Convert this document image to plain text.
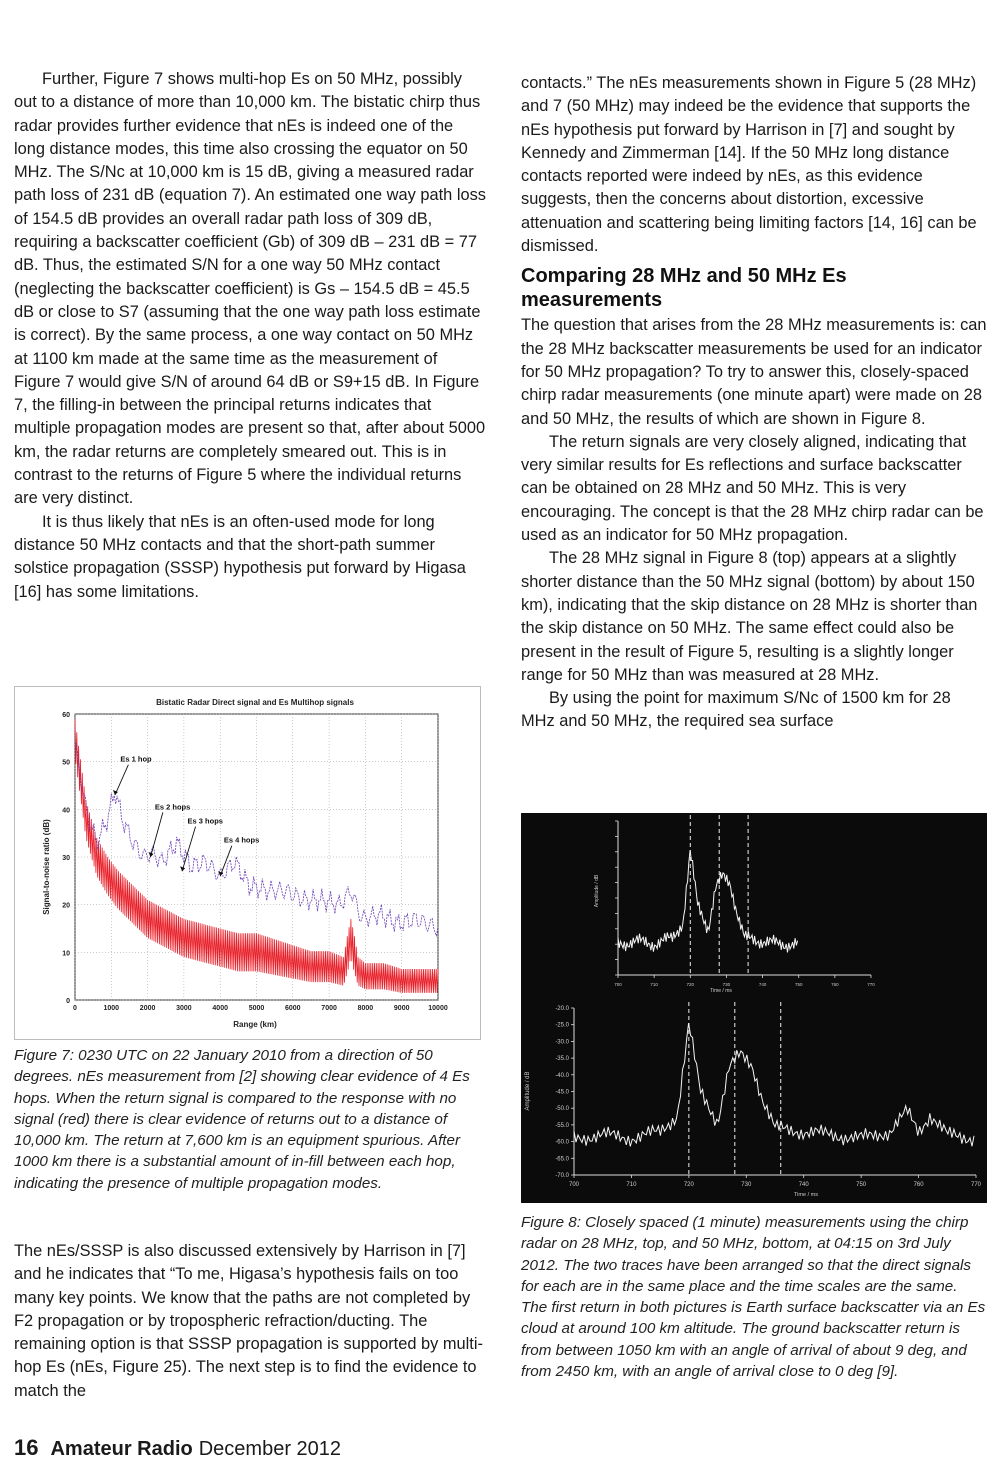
Further, Figure 7 shows multi-hop Es on 50 MHz, possibly out to a distance of more than 10,000 km. The bistatic chirp thus radar provides further evidence that nEs is indeed one of the long distance modes, this time also crossing the equator on 50 MHz. The S/Nc at 10,000 km is 15 dB, giving a measured radar path loss of 231 dB (equation 7). An estimated one way path loss of 154.5 dB provides an overall radar path loss of 309 dB, requiring a backscatter coefficient (Gb) of 309 dB – 231 dB = 77 dB. Thus, the estimated S/N for a one way 50 MHz contact (neglecting the backscatter coefficient) is Gs – 154.5 dB = 45.5 dB or close to S7 (assuming that the one way path loss estimate is correct). By the same process, a one way contact on 50 MHz at 1100 km made at the same time as the measurement of Figure 7 would give S/N of around 64 dB or S9+15 dB. In Figure 7, the filling-in between the principal returns indicates that multiple propagation modes are present so that, after about 5000 km, the radar returns are completely smeared out. This is in contrast to the returns of Figure 5 where the individual returns are very distinct.

It is thus likely that nEs is an often-used mode for long distance 50 MHz contacts and that the short-path summer solstice propagation (SSSP) hypothesis put forward by Higasa [16] has some limitations.

Bistatic Radar Direct signal and Es Multihop signals
Range (km)
Signal-to-noise ratio (dB)
0	1000	2000	3000	4000	5000	6000	7000	8000	9000	10000
0
10
20
30
40
50
60
Es 1 hop
Es 2 hops
Es 3 hops
Es 4 hops
Figure 7: 0230 UTC on 22 January 2010 from a direction of 50 degrees. nEs measurement from [2] showing clear evidence of 4 Es hops. When the return signal is compared to the response with no signal (red) there is clear evidence of returns out to a distance of 10,000 km. The return at 7,600 km is an equipment spurious. After 1000 km there is a substantial amount of in-fill between each hop, indicating the presence of multiple propagation modes.

The nEs/SSSP is also discussed extensively by Harrison in [7] and he indicates that “To me, Higasa’s hypothesis fails on too many key points. We know that the paths are not completed by F2 propagation or by tropospheric refraction/ducting. The remaining option is that SSSP propagation is supported by multi-hop Es (nEs, Figure 25). The next step is to find the evidence to match the

contacts.” The nEs measurements shown in Figure 5 (28 MHz) and 7 (50 MHz) may indeed be the evidence that supports the nEs hypothesis put forward by Harrison in [7] and sought by Kennedy and Zimmerman [14]. If the 50 MHz long distance contacts reported were indeed by nEs, as this evidence suggests, then the concerns about distortion, excessive attenuation and scattering being limiting factors [14, 16] can be dismissed.

Comparing 28 MHz and 50 MHz Es measurements

The question that arises from the 28 MHz measurements is: can the 28 MHz backscatter measurements be used for an indicator for 50 MHz propagation? To try to answer this, closely-spaced chirp radar measurements (one minute apart) were made on 28 and 50 MHz, the results of which are shown in Figure 8.

The return signals are very closely aligned, indicating that very similar results for Es reflections and surface backscatter can be obtained on 28 MHz and 50 MHz. This is very encouraging. The concept is that the 28 MHz chirp radar can be used as an indicator for 50 MHz propagation.

The 28 MHz signal in Figure 8 (top) appears at a slightly shorter distance than the 50 MHz signal (bottom) by about 150 km), indicating that the skip distance on 28 MHz is shorter than the skip distance on 50 MHz. The same effect could also be present in the result of Figure 5, resulting is a slightly longer range for 50 MHz than was measured at 28 MHz.

By using the point for maximum S/Nc of 1500 km for 28 MHz and 50 MHz, the required sea surface

Time / ms
Time / ms
Amplitude / dB
Amplitude / dB
700	710	720	730	740	750	760	770
-20.0
-25.0
-30.0
-35.0
-40.0
-45.0
-50.0
-55.0
-60.0
-65.0
-70.0
700	710	720	730	740	750	760	770
Figure 8: Closely spaced (1 minute) measurements using the chirp radar on 28 MHz, top, and 50 MHz, bottom, at 04:15 on 3rd July 2012. The two traces have been arranged so that the direct signals for each are in the same place and the time scales are the same. The first return in both pictures is Earth surface backscatter via an Es cloud at around 100 km altitude. The ground backscatter return is from between 1050 km with an angle of arrival of about 9 deg, and from 2450 km, with an angle of arrival close to 0 deg [9].
16 Amateur Radio December 2012
